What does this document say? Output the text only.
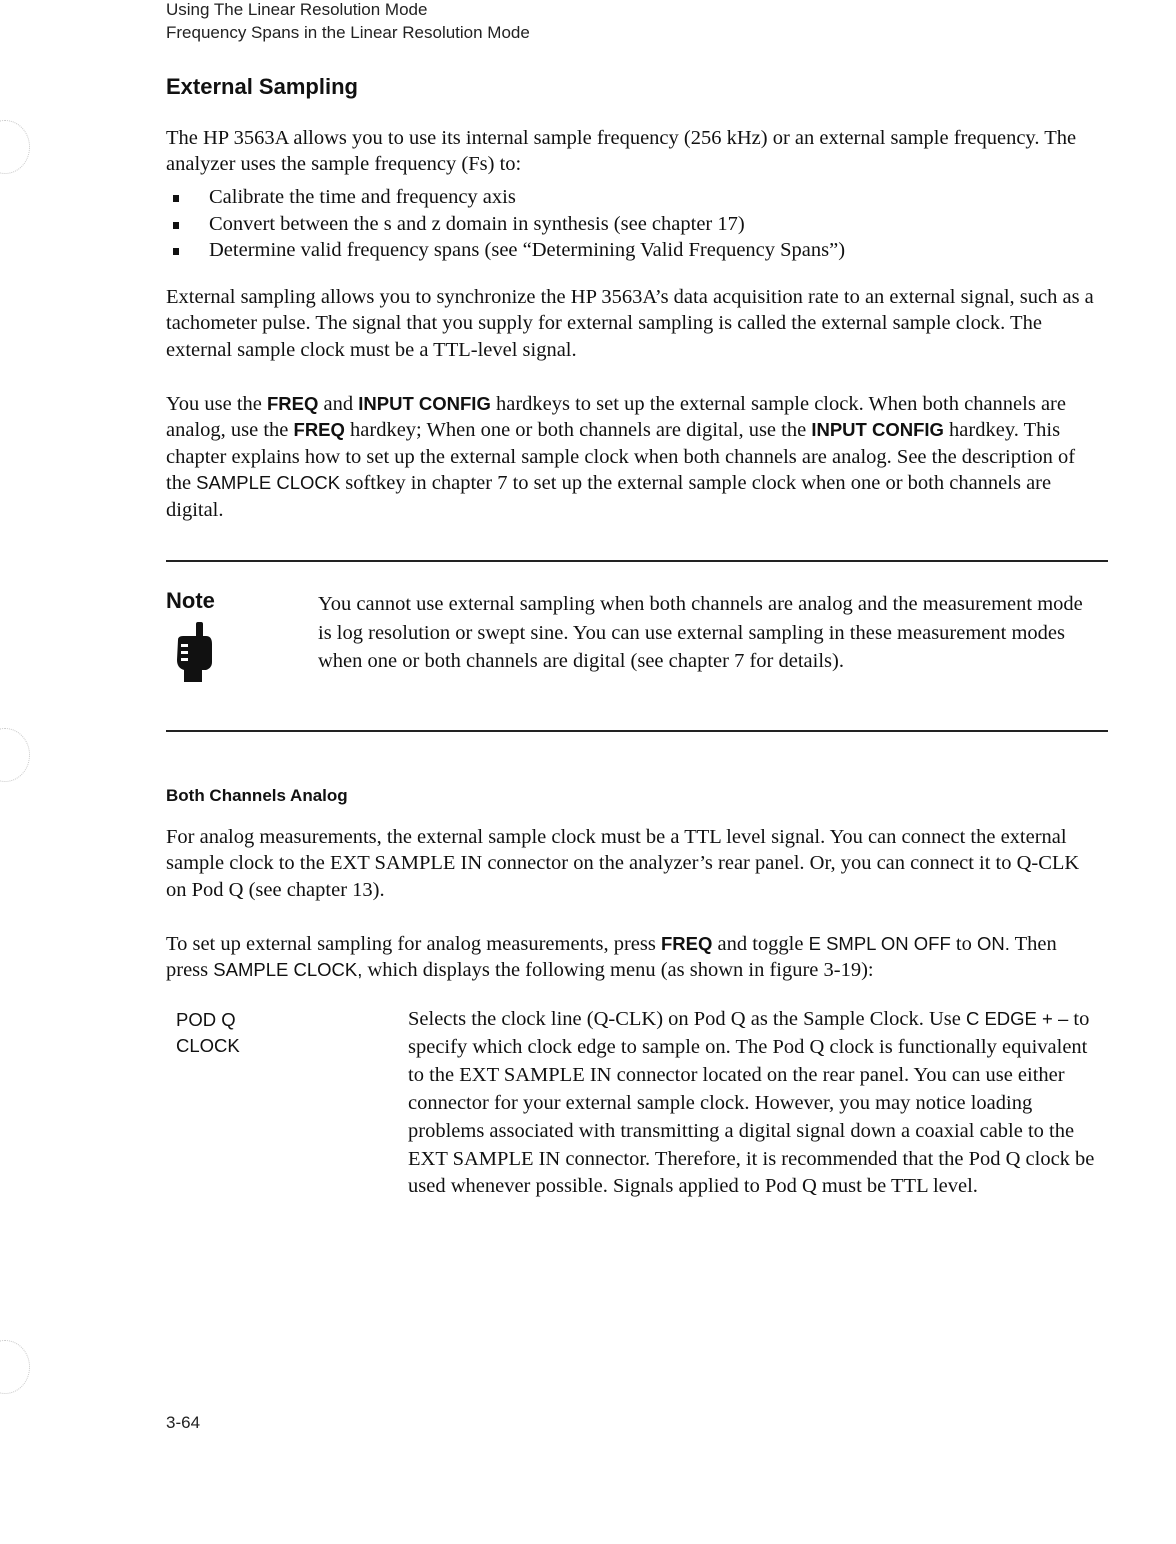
Using The Linear Resolution Mode
Frequency Spans in the Linear Resolution Mode
External Sampling
The HP 3563A allows you to use its internal sample frequency (256 kHz) or an external sample frequency. The analyzer uses the sample frequency (Fs) to:
Calibrate the time and frequency axis
Convert between the s and z domain in synthesis (see chapter 17)
Determine valid frequency spans (see “Determining Valid Frequency Spans”)
External sampling allows you to synchronize the HP 3563A’s data acquisition rate to an external signal, such as a tachometer pulse. The signal that you supply for external sampling is called the external sample clock. The external sample clock must be a TTL-level signal.
You use the FREQ and INPUT CONFIG hardkeys to set up the external sample clock. When both channels are analog, use the FREQ hardkey; When one or both channels are digital, use the INPUT CONFIG hardkey. This chapter explains how to set up the external sample clock when both channels are analog. See the description of the SAMPLE CLOCK softkey in chapter 7 to set up the external sample clock when one or both channels are digital.
Note	You cannot use external sampling when both channels are analog and the measurement mode is log resolution or swept sine. You can use external sampling in these measurement modes when one or both channels are digital (see chapter 7 for details).
Both Channels Analog
For analog measurements, the external sample clock must be a TTL level signal. You can connect the external sample clock to the EXT SAMPLE IN connector on the analyzer’s rear panel. Or, you can connect it to Q-CLK on Pod Q (see chapter 13).
To set up external sampling for analog measurements, press FREQ and toggle E SMPL ON OFF to ON. Then press SAMPLE CLOCK, which displays the following menu (as shown in figure 3-19):
POD Q
CLOCK
Selects the clock line (Q-CLK) on Pod Q as the Sample Clock. Use C EDGE + – to specify which clock edge to sample on. The Pod Q clock is functionally equivalent to the EXT SAMPLE IN connector located on the rear panel. You can use either connector for your external sample clock. However, you may notice loading problems associated with transmitting a digital signal down a coaxial cable to the EXT SAMPLE IN connector. Therefore, it is recommended that the Pod Q clock be used whenever possible. Signals applied to Pod Q must be TTL level.
3-64
